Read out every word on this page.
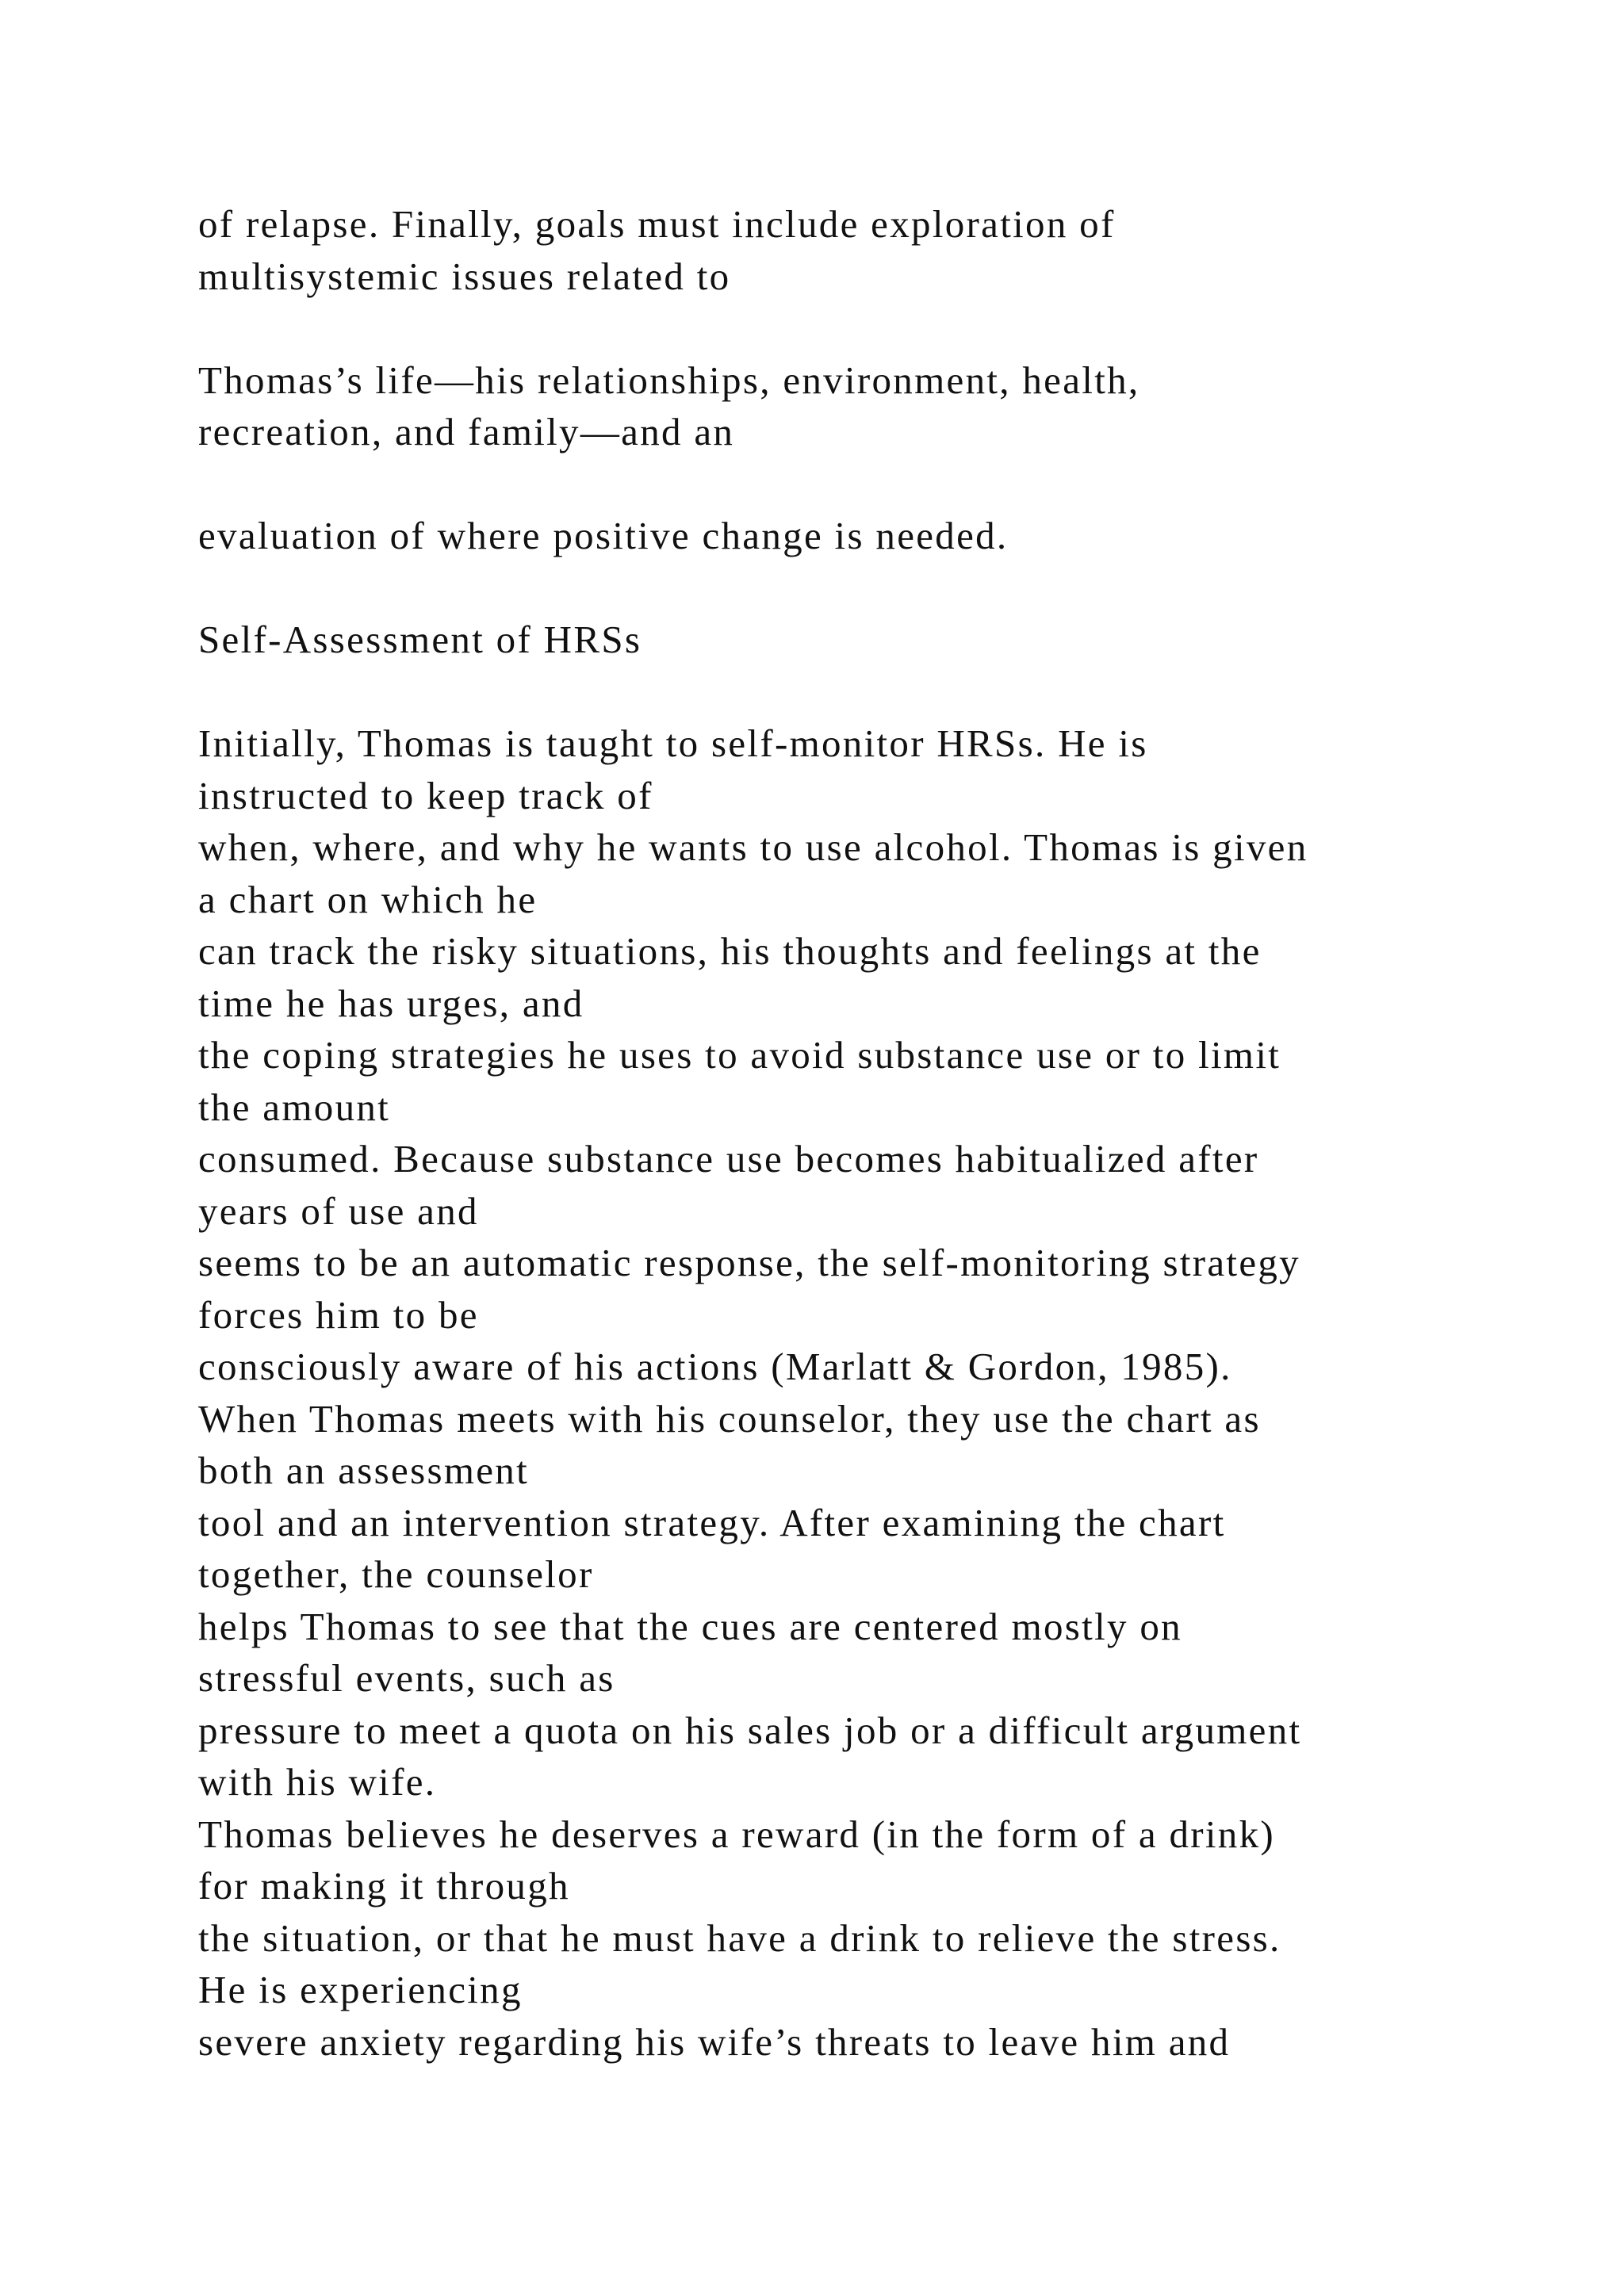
of relapse. Finally, goals must include exploration of
multisystemic issues related to
Thomas’s life—his relationships, environment, health,
recreation, and family—and an
evaluation of where positive change is needed.
Self-Assessment of HRSs
Initially, Thomas is taught to self-monitor HRSs. He is
instructed to keep track of
when, where, and why he wants to use alcohol. Thomas is given
a chart on which he
can track the risky situations, his thoughts and feelings at the
time he has urges, and
the coping strategies he uses to avoid substance use or to limit
the amount
consumed. Because substance use becomes habitualized after
years of use and
seems to be an automatic response, the self-monitoring strategy
forces him to be
consciously aware of his actions (Marlatt & Gordon, 1985).
When Thomas meets with his counselor, they use the chart as
both an assessment
tool and an intervention strategy. After examining the chart
together, the counselor
helps Thomas to see that the cues are centered mostly on
stressful events, such as
pressure to meet a quota on his sales job or a difficult argument
with his wife.
Thomas believes he deserves a reward (in the form of a drink)
for making it through
the situation, or that he must have a drink to relieve the stress.
He is experiencing
severe anxiety regarding his wife’s threats to leave him and
